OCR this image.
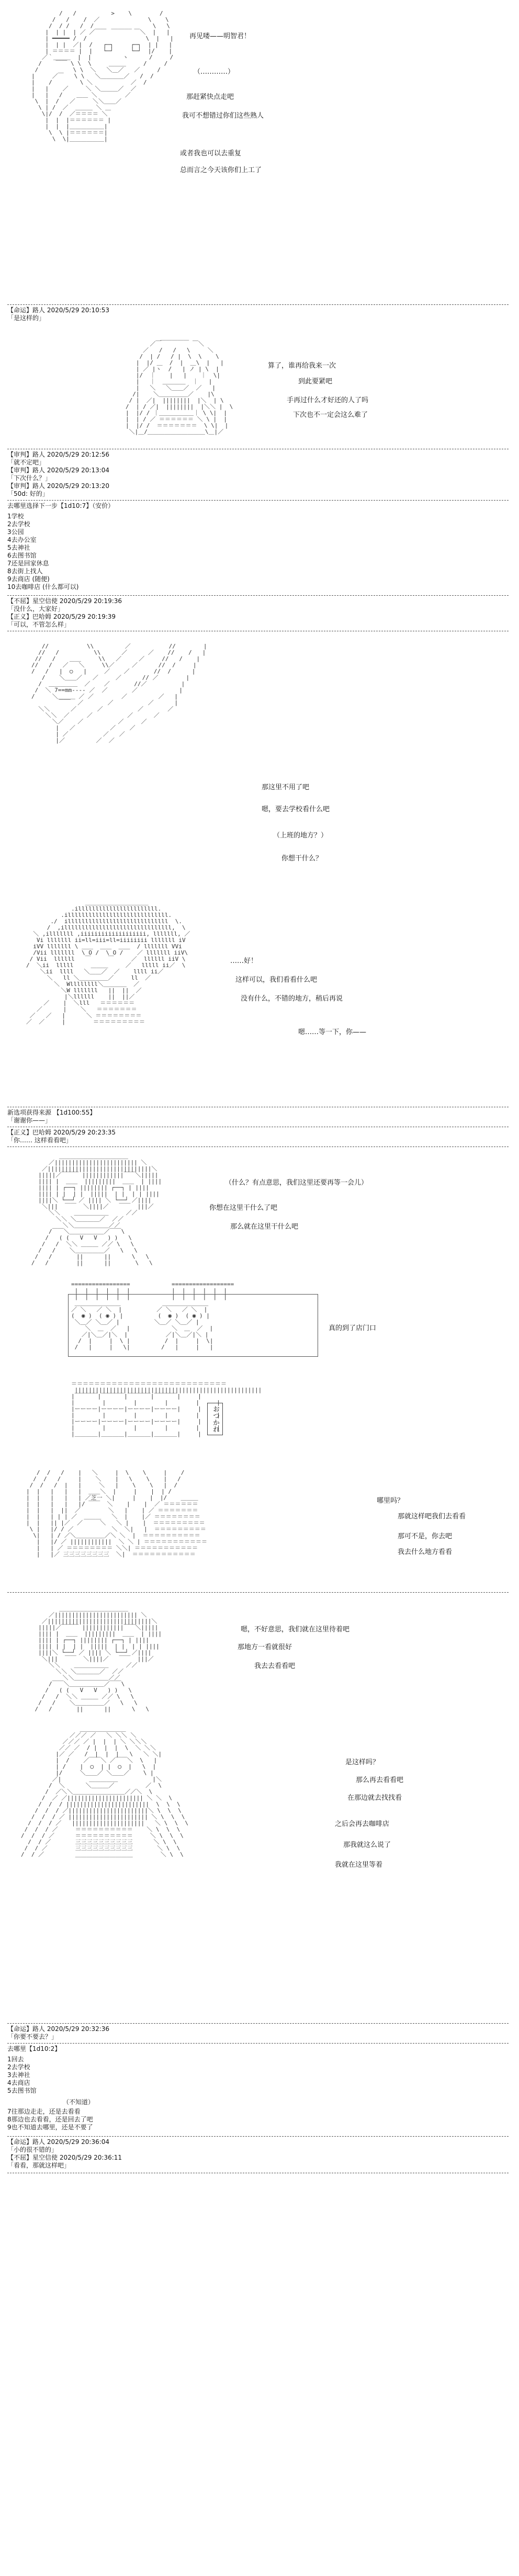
/   /          >    \        /
/   /    /  ／              \    \
/  / /   /  /     ______      \   \
|  | |  | ／ ／￣￣        ￣＼  |   |
| ━━━━━ /  /                 \  |   |
|  | |  ／|  /   ┌─┐     ┌─┐  | |   |
| ＝＝＝＝ |  |   └─┘     └─┘  |/    |
／｀＿＿＿  |  |         ヽ      /     /
/    ￣￣ \ \  \     ＿＿＿     /     /
/          \ \  ＼   ＼＿／   ／     /
|     ／￣   \ \   ＼＿＿＿＿／   /  /
|    /        \ ＼           ／  /
|   |    ／     ＼ ＼＿＿＿／  ／
|   |   /    ＿＿ ＼        ／
\  |  /   ／     ＼＼＿＿／
\ | /  ／  ＿＿＿ ＼ ＿
\|/  /  ／＝＝＝＝ ＼
|  |  |＝＝＝＝＝＝ |
|  |  |＿＿＿＿＿＿|
\  \ |＝＝＝＝＝＝|
\  \|＿＿＿＿＿＿|
再见喽——明智君！
（…………）
那赶紧快点走吧
我可不想错过你们这些熟人
或者我也可以去重复
总而言之今天该你们上工了
【命运】路人 2020/5/29 20:10:53
「是这样的」
＿＿＿＿＿
／￣         ￣＼
／   /   /   \     ＼
/  | /   / |  \  \    \
|  |/ ＿  /  |  ＿\  |   |
| ／ |ヽ  /   | ノ | \  |
|/  ｜    |   |    ｜  \|
|   ｜  ＿＿＿＿  ｜   |
|   ＼   ＼＿＿／  ／   |
/|    ＼＿＿＿＿＿／    |\
/ |  ／|  ||||||||  |＼  | \
/  | / ／|  ||||||||  |＼＼ |  \
|  |/ / ｜＿＿＿＿＿＿｜ \ \|  |
|  | / ／ ＝＝＝＝＝＝ ＼ \ |  |
|  |/ /  ＝＝＝＝＝＝＝  \ \|  |
＼|＿/＿＿＿＿＿＿＿＿＿＿\＿|／
算了，谁再给我来一次
到此要紧吧
手再过什么才好还的人了吗
下次也不一定会这么难了
【审判】路人 2020/5/29 20:12:56
「就不定吧」
【审判】路人 2020/5/29 20:13:04
「下次什么？」
【审判】路人 2020/5/29 20:13:20
「50d: 好的」
去哪里选择下一步【1d10:7】（安价）
1学校
2去学校
3公园
4去办公室
5去神社
6去图书馆
7还是回家休息
8去街上找人
9去商店 (随便)
10去咖啡店 (什么都可以)
【不屈】星空信使 2020/5/29 20:19:36
「没什么，大家好」
【正义】巴哈姆 2020/5/29 20:19:39
「可以，不管怎么样」
//           \\         ／           //        |
//   /          \\      ／      ／    //    /   |
//   /    ＿＿     \\   ／     ／     //   /    |
//   /   ／   ＼     \\／     ／      //  /     |
/   /   |  ○   |     ／    ／       //  /      |
/    ＼＿＿／   ／     ／      // ／        |
/  ＿＿＿＿＿  ／    ／       //／          |
/  ＼ 7==mm---- ／  ／       ／            |
/     ＼＿＿＿ ／ ／        ／         ／   |
￣￣  ／       ／          ／      |
＼＼      ／      ／          ／       ／
＼＼  ／     ／          ／      ／
＼／    ／          ／     ／
|   ／          ／    ／
| ／          ／   ／
|／         ／  ／
那这里不用了吧
嗯，要去学校看什么吧
（上班的地方？）
你想干什么？
＿＿＿＿＿＿＿＿＿＿＿
.illlllllllllllllllllllll.
.illlllllllllllllllllllllllllll.
./  illlllllllllllllllllllllllllll  \.
/  ,illlllllllllllllllllllllllllllll,  \
＼ ,illlllll ,iiiiiiiiiiiiiiiiiii, lllllll, ／
Vi lllllll ii=ll=iii=ll=iiiiiiii lllllll iV
iVV lllllll \ ＿＿  ＿＿  ＿＿  / lllllll VVi
/Vii lllllll  \ O /  \ O /    ／ lllllll iiV\
/ Vii  llllll   ￣     ￣     ／  llllll iiV \
/  ＼ii  lllll     ＿＿＿     ／   lllll ii／  \
＼ii  llll   ＼＿＿／  ／    llll ii／
＼   ll ＼＿＿＿＿＿／     ll  ／
＼  Wllllllll＼＿＿＿＿  ／
＼W lllllll   ||  ||  ／
|＼llllll    ||  ||／
／    |  ＼lll   ＝＝＝＝＝＝
／      |    ＼   ＝＝＝＝＝＝＝
／   ／   |      ＼ ＝＝＝＝＝＝＝＝
／  ／     |        ＝＝＝＝＝＝＝＝＝
……好！
这样可以，我们看看什么吧
没有什么，不错的地方，稍后再说
嗯……等一下，你——
新选项获得来源 【1d100:55】
「谢谢你——」
【正义】巴哈姆 2020/5/29 20:23:35
「你…… 这样看看吧」
＿＿＿＿＿＿＿＿＿＿＿＿
／|||||||||||||||||||||||| ＼
／||||||||||||||||||||||||||||||＼
|||||／￣￣￣ ||||||||||||￣￣＼|||||
|||| |  ＿＿  |||||||||  ＿＿  | ||||
|||| | ┌──┐ |||||||| ┌──┐ | ||||
|||| | |  | |  |||||  | |  | | ||||
||||＼ └──┘ ／ |||| ＼ └──┘ ／||||
＼|||  ￣￣  ＼||||／   ￣￣  |||／
＼＼    ＿＿＿＿＿＿     ／／
＼＼ ＼＿＿＿＿／  ／／
＼＼＿＿＿＿＿＿／／
/￣￣＼＿＿＿＿＿＿／￣￣\
/   ( (   V   V   ) )   \
/   /  ＼＼ ＿＿＿ ／／ \   \
/   /    ＼＿＿＿＿＿／   \   \
/   /       ||      ||      \   \
/   /        ||      ||       \   \
（什么？有点意思，我们这里还要再等一会儿）
你想在这里干什么了吧
那么就在这里干什么吧
=================            ==================
|  |  |  |  |  |            |  |  |  |  |  |
|  |  |  |  |  |            |  |  |  |  |  |
＿＿＿＿＿＿＿＿            ＿＿＿＿＿＿＿＿
／ ＼   ／ ＼  |          ／ ＼   ／ ＼  |
(  ◉ )  ( ◉ ) |          (  ◉ )  ( ◉ ) |
＼＿／ ＼＿／ |          ＼＿／ ＼＿／ |
＼  ＿  ／   |            ＼  ＿  ／  |
／|＼＿／|＼  |           ／|＼＿／|＼ |
/  |     |  \ |          /  |     |  \|
/   |     |   \|         /   |     |   |
真的到了店门口
＝＝＝＝＝＝＝＝＝＝＝＝＝＝＝＝＝＝＝＝＝＝＝＝＝＝＝
||||||||||||||||||||||||||||||||||||||||||||||||||||||
|￣￣￣￣|￣￣￣￣|￣￣￣￣|￣￣￣￣|     |
|        |        |        |        |     |
|ーーーー|ーーーー|ーーーー|ーーーー|     |
|        |        |        |        |     |
|ーーーー|ーーーー|ーーーー|ーーーー|     |
|        |        |        |        |     |
|＿＿＿＿|＿＿＿＿|＿＿＿＿|＿＿＿＿|     |
おつかれ
/  /   /    |   ＼     |  \    \     |    /
/  /   /     |    ＼    |   \    \    |   /
/  /   /  |   |     ＼   |    \    \   |  /
|  |   |   |   |  ＿＿＼  |     |    |  | /
|  |   |   |   | ／芝一 ＼|     |    |  |/    ＿＿＿
|  |   |   |   |/ ￣￣  ＼    |    |  ／ ＝＝＝＝＝＝
|  |   |  ||  ／        ＼   |    | ／ ＝＝＝＝＝＝＝
|  |   | | | ／  ＿＿＿   ＼  |    |／ ＝＝＝＝＝＝＝＝
|  |   || |／  ／     ＼   ＼ |    |  ＝＝＝＝＝＝＝＝＝
\ |   |/ / ／           ＼  ＼|   |  ＝＝＝＝＝＝＝＝＝
\|   | / ／＼＿＿＿＿＿／＼ ＼  |  ＝＝＝＝＝＝＝＝＝＝
|   |/ ／ ||||||||||||  ＼ ＼ | ＝＝＝＝＝＝＝＝＝＝＝
|   | ／ ＝＝＝＝＝＝＝＝ ＼＼| ＝＝＝＝＝＝＝＝＝＝＝
|   |／ 三三三三三三三三  ＼|  ＝＝＝＝＝＝＝＝＝＝＝
哪里吗？
那就这样吧我们去看看
那可不是，你去吧
我去什么地方看看
＿＿＿＿＿＿＿＿＿＿＿＿
／|||||||||||||||||||||||| ＼
／||||||||||||||||||||||||||||||＼
|||||／￣￣￣ ||||||||||||￣￣＼|||||
|||| |  ＿＿  |||||||||  ＿＿  | ||||
|||| | ┌──┐ |||||||| ┌──┐ | ||||
|||| | |  | |  |||||  | |  | | ||||
||||＼ └──┘ ／ |||| ＼ └──┘ ／||||
＼|||  ￣￣  ＼||||／   ￣￣  |||／
＼＼    ＿＿＿＿＿＿     ／／
＼＼ ＼＿＿＿＿／  ／／
＼＼＿＿＿＿＿＿／／
/￣￣＼＿＿＿＿＿＿／￣￣\
/   ( (   V   V   ) )   \
/   /  ＼＼ ＿＿＿ ／／ \   \
/   /    ＼＿＿＿＿＿／   \   \
/   /       ||      ||      \   \
嗯，不好意思，我们就在这里待着吧
那地方一看就很好
我去去看看吧
＿＿＿＿＿＿＿＿
／／／ ／   ＼ ＼＼ ＼
／／／ ／ |  |  | ＼ ＼＼＼
／／ ／  / |  |  |  \  ＼ ＼＼
|／ ／   /  |  |  |   \   ＼ ＼|
|  /    ／￣￣＼ ／￣￣＼  \   |
| /    |  ◯  | |  ◯  |   \  |
|/     ＼＿＿／ ＼＿＿／    \ |
／|        ＿＿＿＿＿          |＼
/  ＼      ＼＿＿＿／         ／  \
/  ／＼＼＿＿＿＿＿＿＿＿＿／／＼  \
/  ／ ／|||||||||||||||||||||| ＼ ＼  \
/  /  / ||||||||||||||||||||||||  \  \  \
/  /  / ／|||||||||||||||||||||||＼ \  \  \
/  /  / ／ ||||||||||||||||||||||| ＼ \  \  \
/  /  / ／   |||||||||||||||||||||   ＼ \  \  \
/  /  / ／     ＝＝＝＝＝＝＝＝＝＝    ＼ \  \  \
/  /  / ／      ＝＝＝＝＝＝＝＝＝＝     ＼ \  \  \
/  / ／       三三三三三三三三三三      ＼ \  \
/  / ／        三三三三三三三三三三       ＼ \  \
/  / ／         ＿＿＿＿＿＿＿＿＿＿        ＼ \  \
是这样吗？
那么再去看看吧
在那边就去找找看
之后会再去咖啡店
那我就这么说了
我就在这里等着
【命运】路人 2020/5/29 20:32:36
「你要不要去？」
去哪里【1d10:2】
1回去
2去学校
3去神社
4去商店
5去图书馆
（不知道）
7往那边走走，还是去看看
8那边也去看看，还是回去了吧
9也不知道去哪里，还是不要了
【命运】路人 2020/5/29 20:36:04
「小的很不错的」
【不屈】星空信使 2020/5/29 20:36:11
「看看，那就这样吧」
